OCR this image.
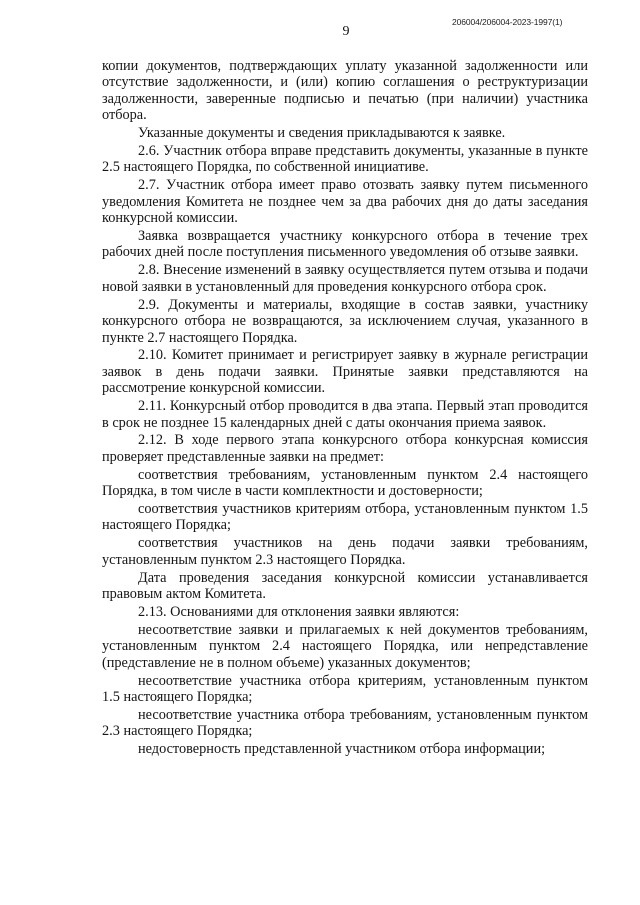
9
206004/206004-2023-1997(1)

копии документов, подтверждающих уплату указанной задолженности или отсутствие задолженности, и (или) копию соглашения о реструктуризации задолженности, заверенные подписью и печатью (при наличии) участника отбора.

Указанные документы и сведения прикладываются к заявке.

2.6. Участник отбора вправе представить документы, указанные в пункте 2.5 настоящего Порядка, по собственной инициативе.

2.7. Участник отбора имеет право отозвать заявку путем письменного уведомления Комитета не позднее чем за два рабочих дня до даты заседания конкурсной комиссии.

Заявка возвращается участнику конкурсного отбора в течение трех рабочих дней после поступления письменного уведомления об отзыве заявки.

2.8. Внесение изменений в заявку осуществляется путем отзыва и подачи новой заявки в установленный для проведения конкурсного отбора срок.

2.9. Документы и материалы, входящие в состав заявки, участнику конкурсного отбора не возвращаются, за исключением случая, указанного в пункте 2.7 настоящего Порядка.

2.10. Комитет принимает и регистрирует заявку в журнале регистрации заявок в день подачи заявки. Принятые заявки представляются на рассмотрение конкурсной комиссии.

2.11. Конкурсный отбор проводится в два этапа. Первый этап проводится в срок не позднее 15 календарных дней с даты окончания приема заявок.

2.12. В ходе первого этапа конкурсного отбора конкурсная комиссия проверяет представленные заявки на предмет:

соответствия требованиям, установленным пунктом 2.4 настоящего Порядка, в том числе в части комплектности и достоверности;

соответствия участников критериям отбора, установленным пунктом 1.5 настоящего Порядка;

соответствия участников на день подачи заявки требованиям, установленным пунктом 2.3 настоящего Порядка.

Дата проведения заседания конкурсной комиссии устанавливается правовым актом Комитета.

2.13. Основаниями для отклонения заявки являются:

несоответствие заявки и прилагаемых к ней документов требованиям, установленным пунктом 2.4 настоящего Порядка, или непредставление (представление не в полном объеме) указанных документов;

несоответствие участника отбора критериям, установленным пунктом 1.5 настоящего Порядка;

несоответствие участника отбора требованиям, установленным пунктом 2.3 настоящего Порядка;

недостоверность представленной участником отбора информации;
